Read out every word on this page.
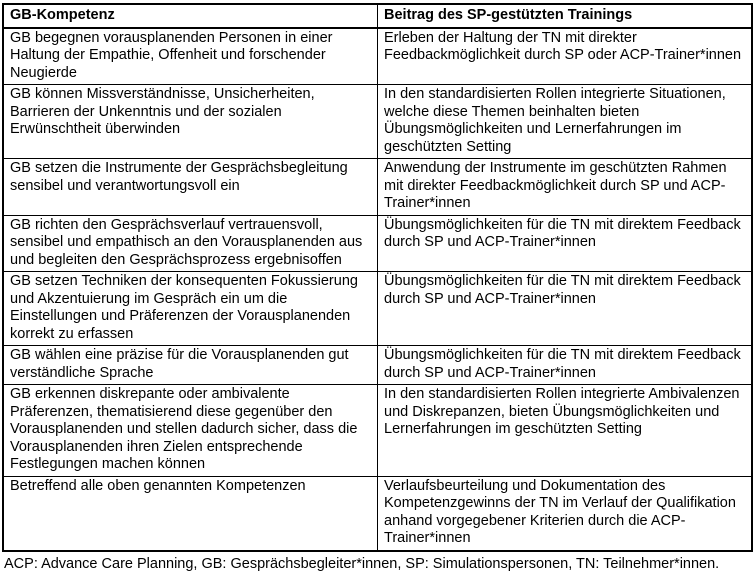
GB-Kompetenz	Beitrag des SP-gestützten Trainings
GB begegnen vorausplanenden Personen in einer Haltung der Empathie, Offenheit und forschender Neugierde	Erleben der Haltung der TN mit direkter Feedbackmöglichkeit durch SP oder ACP-Trainer*innen
GB können Missverständnisse, Unsicherheiten, Barrieren der Unkenntnis und der sozialen Erwünschtheit überwinden	In den standardisierten Rollen integrierte Situationen, welche diese Themen beinhalten bieten Übungsmöglichkeiten und Lernerfahrungen im geschützten Setting
GB setzen die Instrumente der Gesprächsbegleitung sensibel und verantwortungsvoll ein	Anwendung der Instrumente im geschützten Rahmen mit direkter Feedbackmöglichkeit durch SP und ACP-Trainer*innen
GB richten den Gesprächsverlauf vertrauensvoll, sensibel und empathisch an den Vorausplanenden aus und begleiten den Gesprächsprozess ergebnisoffen	Übungsmöglichkeiten für die TN mit direktem Feedback durch SP und ACP-Trainer*innen
GB setzen Techniken der konsequenten Fokussierung und Akzentuierung im Gespräch ein um die Einstellungen und Präferenzen der Vorausplanenden korrekt zu erfassen	Übungsmöglichkeiten für die TN mit direktem Feedback durch SP und ACP-Trainer*innen
GB wählen eine präzise für die Vorausplanenden gut verständliche Sprache	Übungsmöglichkeiten für die TN mit direktem Feedback durch SP und ACP-Trainer*innen
GB erkennen diskrepante oder ambivalente Präferenzen, thematisierend diese gegenüber den Vorausplanenden und stellen dadurch sicher, dass die Vorausplanenden ihren Zielen entsprechende Festlegungen machen können	In den standardisierten Rollen integrierte Ambivalenzen und Diskrepanzen, bieten Übungsmöglichkeiten und Lernerfahrungen im geschützten Setting
Betreffend alle oben genannten Kompetenzen	Verlaufsbeurteilung und Dokumentation des Kompetenzgewinns der TN im Verlauf der Qualifikation anhand vorgegebener Kriterien durch die ACP-Trainer*innen
ACP: Advance Care Planning, GB: Gesprächsbegleiter*innen, SP: Simulationspersonen, TN: Teilnehmer*innen.
